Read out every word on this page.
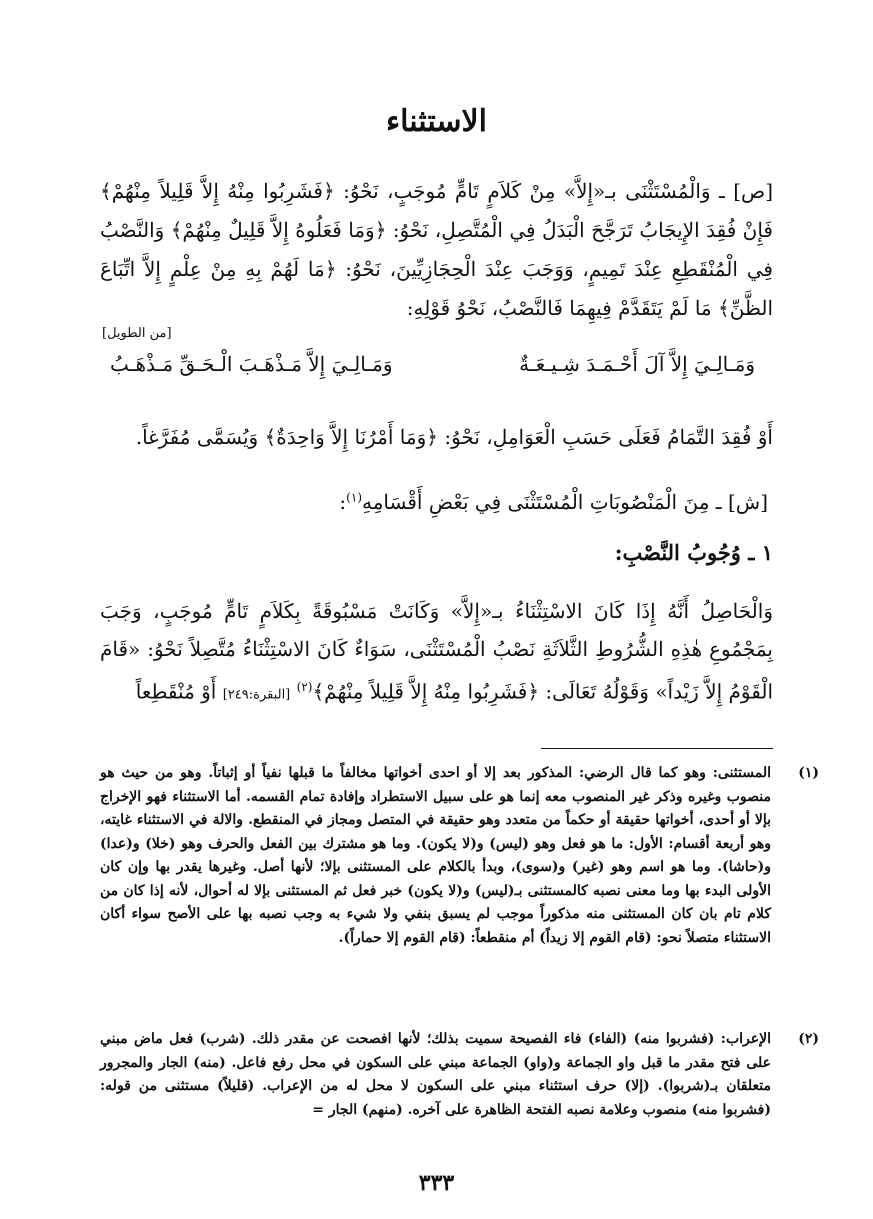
الاستثناء

[ص] ـ وَالْمُسْتَثْنَى بـ«إِلاَّ» مِنْ كَلاَمٍ تَامٍّ مُوجَبٍ، نَحْوُ: ﴿فَشَرِبُوا مِنْهُ إِلاَّ قَلِيلاً مِنْهُمْ﴾ فَإِنْ فُقِدَ الإِيجَابُ تَرَجَّحَ الْبَدَلُ فِي الْمُتَّصِلِ، نَحْوُ: ﴿وَمَا فَعَلُوهُ إِلاَّ قَلِيلٌ مِنْهُمْ﴾ وَالنَّصْبُ فِي الْمُنْقَطِعِ عِنْدَ تَمِيمٍ، وَوَجَبَ عِنْدَ الْحِجَازِيِّينَ، نَحْوُ: ﴿مَا لَهُمْ بِهِ مِنْ عِلْمٍ إِلاَّ اتِّبَاعَ الظَّنِّ﴾ مَا لَمْ يَتَقَدَّمْ فِيهِمَا فَالنَّصْبُ، نَحْوُ قَوْلِهِ:

[من الطويل]
وَمَـالِـيَ إِلاَّ آلَ أَحْـمَـدَ شِـيـعَـةٌ
وَمَـالِـيَ إِلاَّ مَـذْهَـبَ الْـحَـقِّ مَـذْهَـبُ

أَوْ فُقِدَ التَّمَامُ فَعَلَى حَسَبِ الْعَوَامِلِ، نَحْوُ: ﴿وَمَا أَمْرُنَا إِلاَّ وَاحِدَةٌ﴾ وَيُسَمَّى مُفَرَّغاً.

[ش] ـ مِنَ الْمَنْصُوبَاتِ الْمُسْتَثْنَى فِي بَعْضِ أَقْسَامِهِ$^{(١)}$:
١ ـ وُجُوبُ النَّصْبِ:
وَالْحَاصِلُ أَنَّهُ إِذَا كَانَ الاسْتِثْنَاءُ بـ«إِلاَّ» وَكَانَتْ مَسْبُوقَةً بِكَلاَمٍ تَامٍّ مُوجَبٍ، وَجَبَ بِمَجْمُوعِ هٰذِهِ الشُّرُوطِ الثَّلاَثَةِ نَصْبُ الْمُسْتَثْنَى، سَوَاءٌ كَانَ الاسْتِثْنَاءُ مُتَّصِلاً نَحْوُ: «قَامَ الْقَوْمُ إِلاَّ زَيْداً» وَقَوْلُهُ تَعَالَى: ﴿فَشَرِبُوا مِنْهُ إِلاَّ قَلِيلاً مِنْهُمْ﴾$^{(٢)}$ [البقرة:٢٤٩] أَوْ مُنْقَطِعاً
(١)
المستثنى: وهو كما قال الرضي: المذكور بعد إلا أو احدى أخواتها مخالفاً ما قبلها نفياً أو إثباتاً. وهو من حيث هو منصوب وغيره وذكر غير المنصوب معه إنما هو على سبيل الاستطراد وإفادة تمام القسمه. أما الاستثناء فهو الإخراج بإلا أو أحدى، أخواتها حقيقة أو حكماً من متعدد وهو حقيقة في المتصل ومجاز في المنقطع. والالة في الاستثناء غايته، وهو أربعة أقسام: الأول: ما هو فعل وهو (ليس) و(لا يكون). وما هو مشترك بين الفعل والحرف وهو (خلا) و(عدا) و(حاشا). وما هو اسم وهو (غير) و(سوى)، وبدأ بالكلام على المستثنى بإلا؛ لأنها أصل. وغيرها يقدر بها وإن كان الأولى البدء بها وما معنى نصبه كالمستثنى بـ(ليس) و(لا يكون) خبر فعل ثم المستثنى بإلا له أحوال، لأنه إذا كان من كلام تام بان كان المستثنى منه مذكوراً موجب لم يسبق بنفي ولا شيء به وجب نصبه بها على الأصح سواء أكان الاستثناء متصلاً نحو: (قام القوم إلا زيداً) أم منقطعاً: (قام القوم إلا حماراً).
(٢)
الإعراب: (فشربوا منه) (الفاء) فاء الفصيحة سميت بذلك؛ لأنها افصحت عن مقدر ذلك. (شرب) فعل ماض مبني على فتح مقدر ما قبل واو الجماعة و(واو) الجماعة مبني على السكون في محل رفع فاعل. (منه) الجار والمجرور متعلقان بـ(شربوا). (إلا) حرف استثناء مبني على السكون لا محل له من الإعراب. (قليلاً) مستثنى من قوله: (فشربوا منه) منصوب وعلامة نصبه الفتحة الظاهرة على آخره. (منهم) الجار =
٣٣٣
